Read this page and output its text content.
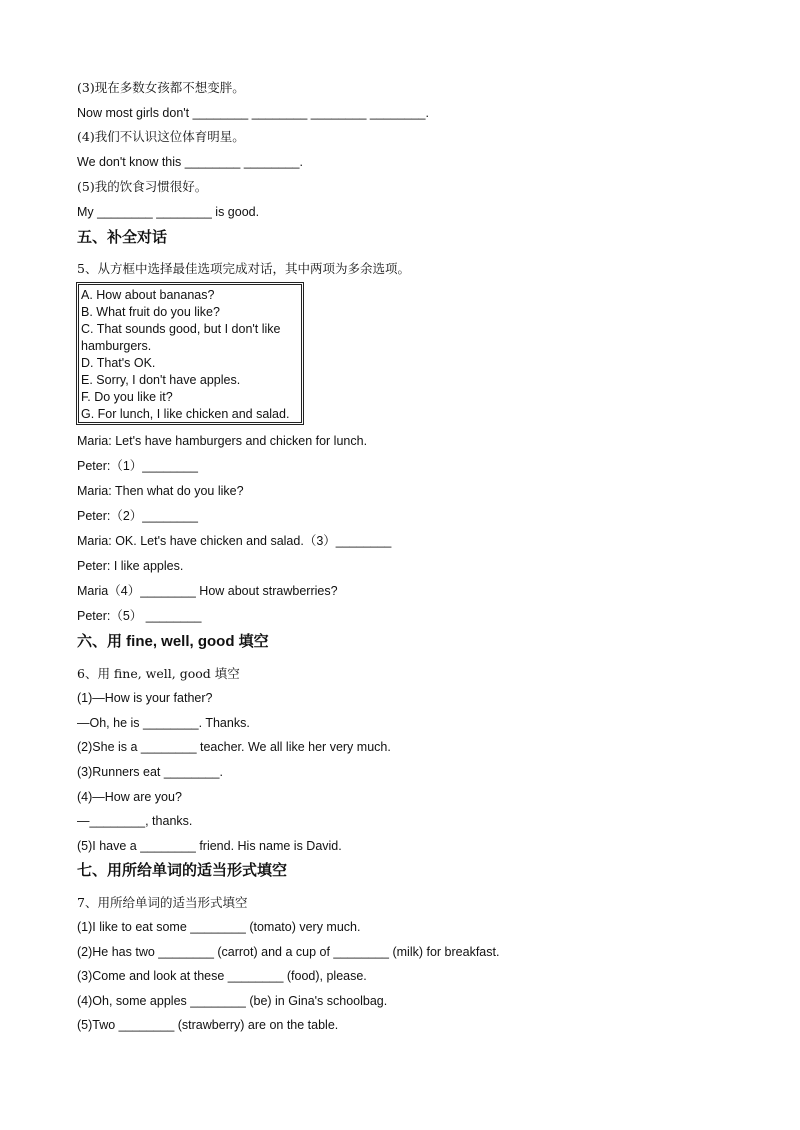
(3)现在多数女孩都不想变胖。
Now most girls don't ________ ________ ________ ________.
(4)我们不认识这位体育明星。
We don't know this ________ ________.
(5)我的饮食习惯很好。
My ________ ________ is good.
五、补全对话
5、从方框中选择最佳选项完成对话，其中两项为多余选项。
A. How about bananas?
B. What fruit do you like?
C. That sounds good, but I don't like
hamburgers.
D. That's OK.
E. Sorry, I don't have apples.
F. Do you like it?
G. For lunch, I like chicken and salad.
Maria: Let's have hamburgers and chicken for lunch.
Peter:（1）________
Maria: Then what do you like?
Peter:（2）________
Maria: OK. Let's have chicken and salad.（3）________
Peter: I like apples.
Maria（4）________ How about strawberries?
Peter:（5） ________
六、用 fine, well, good 填空
6、用 fine, well, good 填空
(1)—How is your father?
—Oh, he is ________. Thanks.
(2)She is a ________ teacher. We all like her very much.
(3)Runners eat ________.
(4)—How are you?
—________, thanks.
(5)I have a ________ friend. His name is David.
七、用所给单词的适当形式填空
7、用所给单词的适当形式填空
(1)I like to eat some ________ (tomato) very much.
(2)He has two ________ (carrot) and a cup of ________ (milk) for breakfast.
(3)Come and look at these ________ (food), please.
(4)Oh, some apples ________ (be) in Gina's schoolbag.
(5)Two ________ (strawberry) are on the table.
